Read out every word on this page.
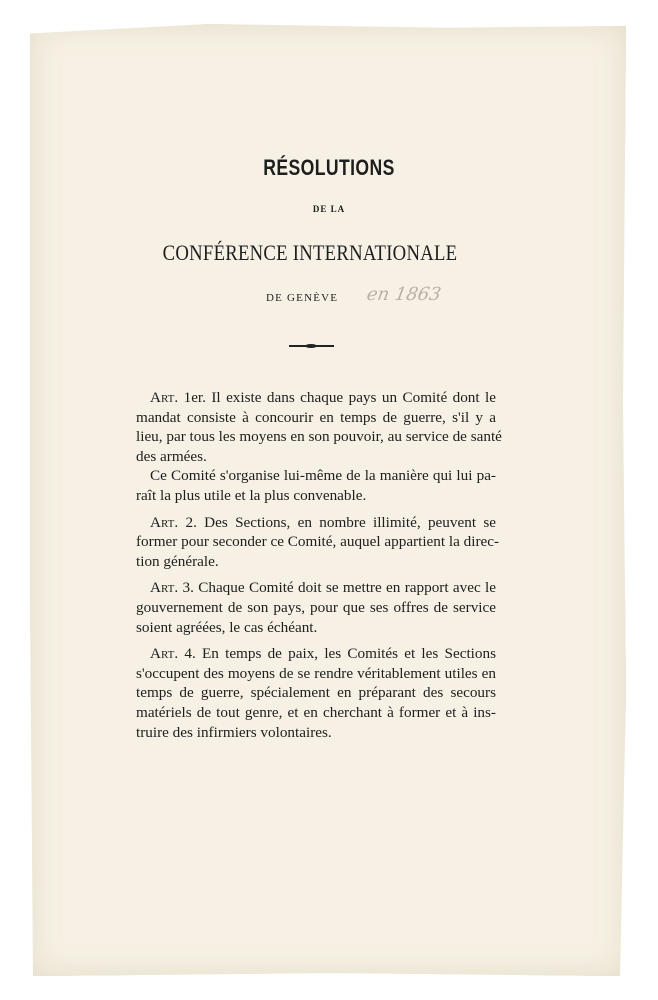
RÉSOLUTIONS
DE LA
CONFÉRENCE INTERNATIONALE
DE GENÈVE en 1863
Art. 1er. Il existe dans chaque pays un Comité dont le
mandat consiste à concourir en temps de guerre, s'il y a
lieu, par tous les moyens en son pouvoir, au service de santé
des armées.
Ce Comité s'organise lui-même de la manière qui lui pa-
raît la plus utile et la plus convenable.
Art. 2. Des Sections, en nombre illimité, peuvent se
former pour seconder ce Comité, auquel appartient la direc-
tion générale.
Art. 3. Chaque Comité doit se mettre en rapport avec le
gouvernement de son pays, pour que ses offres de service
soient agréées, le cas échéant.
Art. 4. En temps de paix, les Comités et les Sections
s'occupent des moyens de se rendre véritablement utiles en
temps de guerre, spécialement en préparant des secours
matériels de tout genre, et en cherchant à former et à ins-
truire des infirmiers volontaires.
